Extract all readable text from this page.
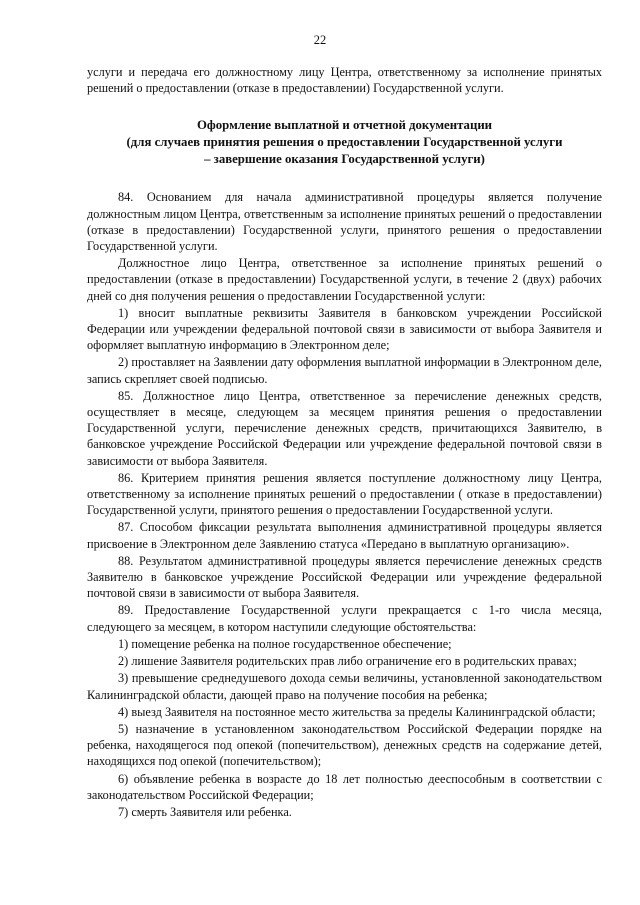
22

услуги и передача его должностному лицу Центра, ответственному за исполнение принятых решений о предоставлении (отказе в предоставлении) Государственной услуги.

Оформление выплатной и отчетной документации
(для случаев принятия решения о предоставлении Государственной услуги
– завершение оказания Государственной услуги)

84. Основанием для начала административной процедуры является получение должностным лицом Центра, ответственным за исполнение принятых решений о предоставлении (отказе в предоставлении) Государственной услуги, принятого решения о предоставлении Государственной услуги.

Должностное лицо Центра, ответственное за исполнение принятых решений о предоставлении (отказе в предоставлении) Государственной услуги, в течение 2 (двух) рабочих дней со дня получения решения о предоставлении Государственной услуги:

1) вносит выплатные реквизиты Заявителя в банковском учреждении Российской Федерации или учреждении федеральной почтовой связи в зависимости от выбора Заявителя и оформляет выплатную информацию в Электронном деле;

2) проставляет на Заявлении дату оформления выплатной информации в Электронном деле, запись скрепляет своей подписью.

85. Должностное лицо Центра, ответственное за перечисление денежных средств, осуществляет в месяце, следующем за месяцем принятия решения о предоставлении Государственной услуги, перечисление денежных средств, причитающихся Заявителю, в банковское учреждение Российской Федерации или учреждение федеральной почтовой связи в зависимости от выбора Заявителя.

86. Критерием принятия решения является поступление должностному лицу Центра, ответственному за исполнение принятых решений о предоставлении ( отказе в предоставлении) Государственной услуги, принятого решения о предоставлении Государственной услуги.

87. Способом фиксации результата выполнения административной процедуры является присвоение в Электронном деле Заявлению статуса «Передано в выплатную организацию».

88. Результатом административной процедуры является перечисление денежных средств Заявителю в банковское учреждение Российской Федерации или учреждение федеральной почтовой связи в зависимости от выбора Заявителя.

89. Предоставление Государственной услуги прекращается с 1-го числа месяца, следующего за месяцем, в котором наступили следующие обстоятельства:

1) помещение ребенка на полное государственное обеспечение;

2) лишение Заявителя родительских прав либо ограничение его в родительских правах;

3) превышение среднедушевого дохода семьи величины, установленной законодательством Калининградской области, дающей право на получение пособия на ребенка;

4) выезд Заявителя на постоянное место жительства за пределы Калининградской области;

5) назначение в установленном законодательством Российской Федерации порядке на ребенка, находящегося под опекой (попечительством), денежных средств на содержание детей, находящихся под опекой (попечительством);

6) объявление ребенка в возрасте до 18 лет полностью дееспособным в соответствии с законодательством Российской Федерации;

7) смерть Заявителя или ребенка.
